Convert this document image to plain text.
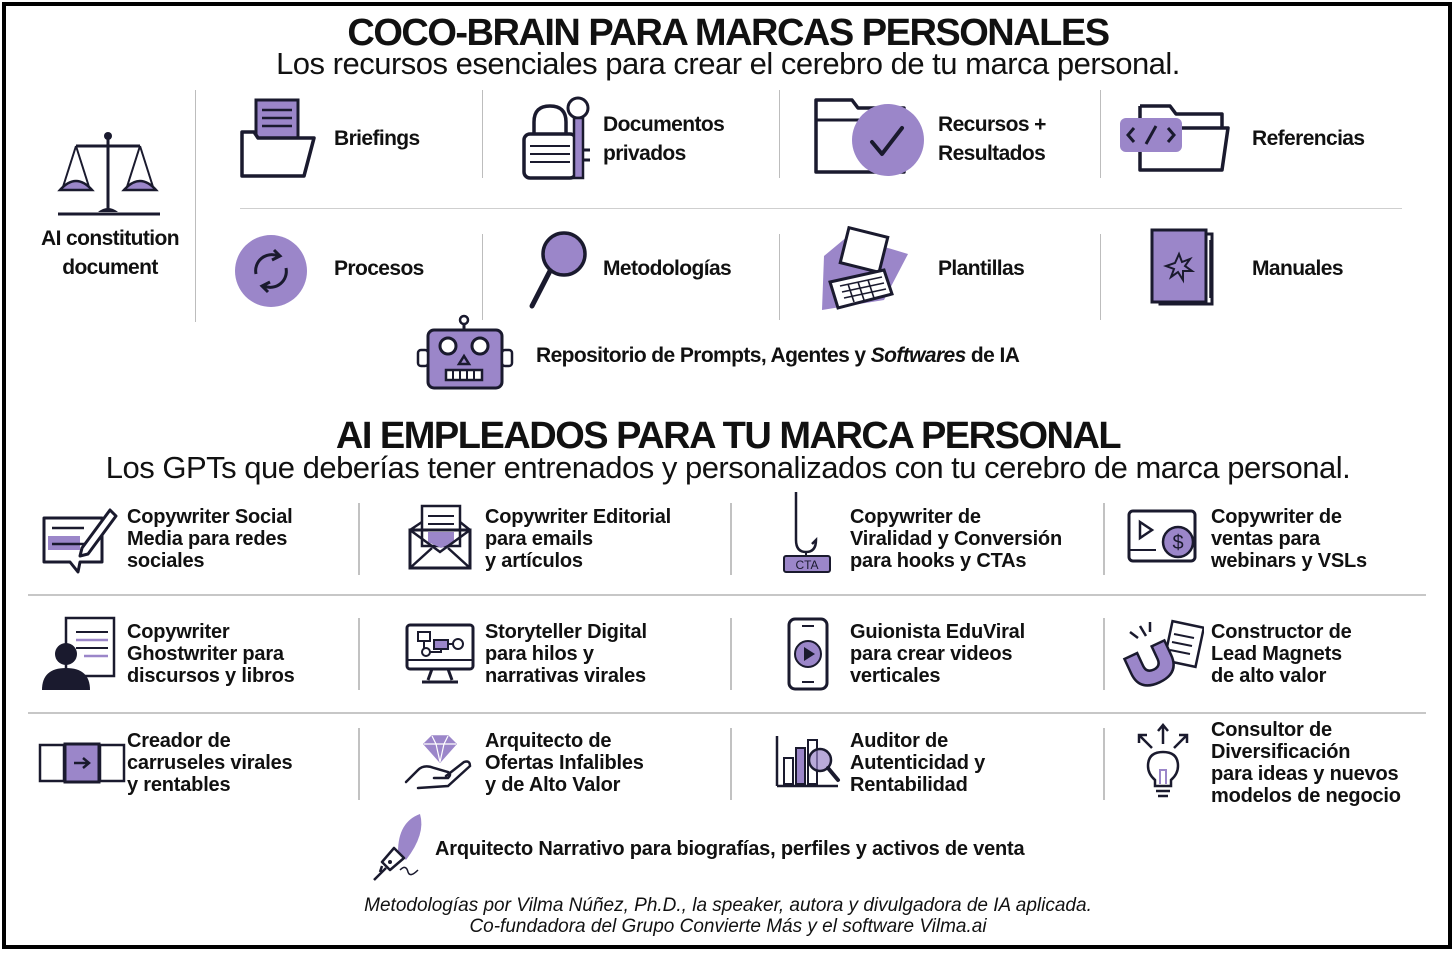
COCO-BRAIN PARA MARCAS PERSONALES
Los recursos esenciales para crear el cerebro de tu marca personal.
AI constitution
document
Briefings
Documentos
privados
Recursos +
Resultados
Referencias
Procesos	Metodologías	Plantillas	Manuales
Repositorio de Prompts, Agentes y Softwares de IA
AI EMPLEADOS PARA TU MARCA PERSONAL
Los GPTs que deberías tener entrenados y personalizados con tu cerebro de marca personal.
Copywriter Social
Media para redes
sociales
Copywriter Editorial
para emails
y artículos	CTA
Copywriter de
Viralidad y Conversión
para hooks y CTAs
$
Copywriter de
ventas para
webinars y VSLs
Copywriter
Ghostwriter para
discursos y libros
Storyteller Digital
para hilos y
narrativas virales
Guionista EduViral
para crear videos
verticales
Constructor de
Lead Magnets
de alto valor
Creador de
carruseles virales
y rentables
Arquitecto de
Ofertas Infalibles
y de Alto Valor
Auditor de
Autenticidad y
Rentabilidad
Consultor de
Diversificación
para ideas y nuevos
modelos de negocio
Arquitecto Narrativo para biografías, perfiles y activos de venta
Metodologías por Vilma Núñez, Ph.D., la speaker, autora y divulgadora de IA aplicada.
Co-fundadora del Grupo Convierte Más y el software Vilma.ai
